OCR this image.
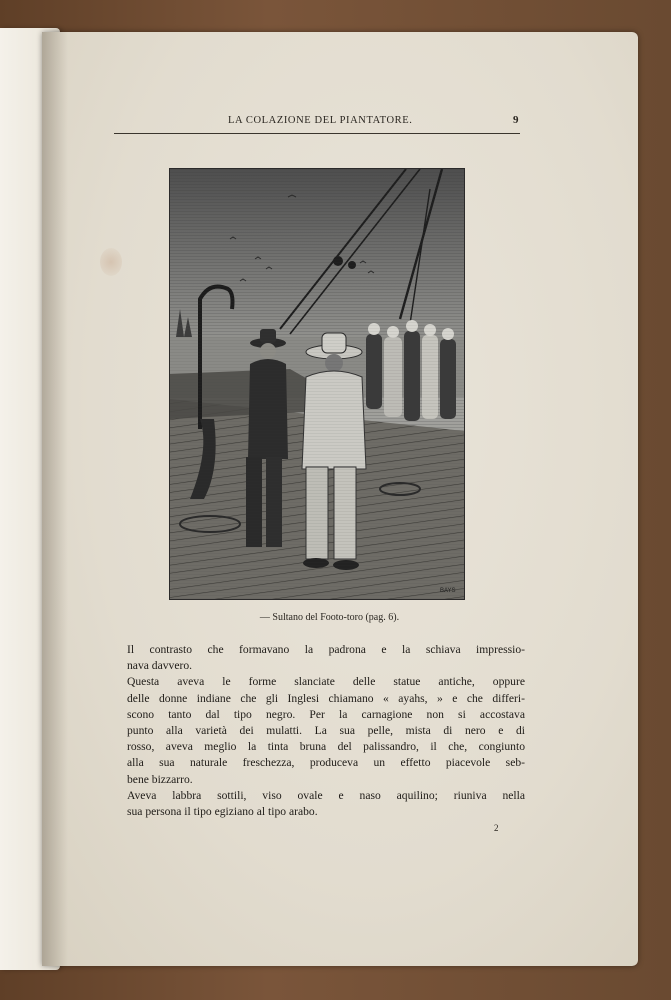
LA COLAZIONE DEL PIANTATORE.	9
BAYS
— Sultano del Footo-toro (pag. 6).
Il contrasto che formavano la padrona e la schiava impressio-
nava davvero.
Questa aveva le forme slanciate delle statue antiche, oppure
delle donne indiane che gli Inglesi chiamano « ayahs, » e che differi-
scono tanto dal tipo negro. Per la carnagione non si accostava
punto alla varietà dei mulatti. La sua pelle, mista di nero e di
rosso, aveva meglio la tinta bruna del palissandro, il che, congiunto
alla sua naturale freschezza, produceva un effetto piacevole seb-
bene bizzarro.
Aveva labbra sottili, viso ovale e naso aquilino; riuniva nella
sua persona il tipo egiziano al tipo arabo.
2
